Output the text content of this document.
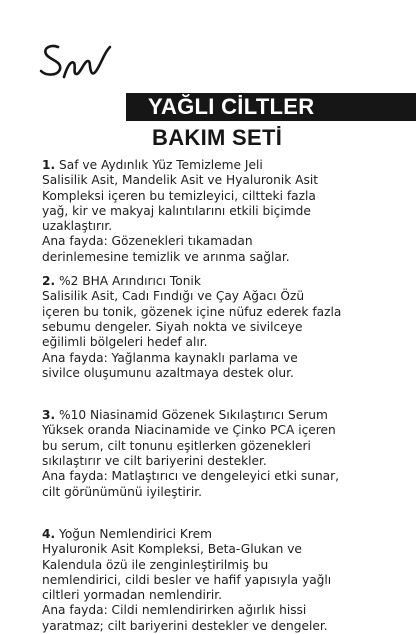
YAĞLI CİLTLER
BAKIM SETİ

1. Saf ve Aydınlık Yüz Temizleme Jeli

Salisilik Asit, Mandelik Asit ve Hyaluronik Asit

Kompleksi içeren bu temizleyici, ciltteki fazla

yağ, kir ve makyaj kalıntılarını etkili biçimde

uzaklaştırır.

Ana fayda: Gözenekleri tıkamadan

derinlemesine temizlik ve arınma sağlar.

2. %2 BHA Arındırıcı Tonik

Salisilik Asit, Cadı Fındığı ve Çay Ağacı Özü

içeren bu tonik, gözenek içine nüfuz ederek fazla

sebumu dengeler. Siyah nokta ve sivilceye

eğilimli bölgeleri hedef alır.

Ana fayda: Yağlanma kaynaklı parlama ve

sivilce oluşumunu azaltmaya destek olur.

3. %10 Niasinamid Gözenek Sıkılaştırıcı Serum

Yüksek oranda Niacinamide ve Çinko PCA içeren

bu serum, cilt tonunu eşitlerken gözenekleri

sıkılaştırır ve cilt bariyerini destekler.

Ana fayda: Matlaştırıcı ve dengeleyici etki sunar,

cilt görünümünü iyileştirir.

4. Yoğun Nemlendirici Krem

Hyaluronik Asit Kompleksi, Beta-Glukan ve

Kalendula özü ile zenginleştirilmiş bu

nemlendirici, cildi besler ve hafif yapısıyla yağlı

ciltleri yormadan nemlendirir.

Ana fayda: Cildi nemlendirirken ağırlık hissi

yaratmaz; cilt bariyerini destekler ve dengeler.
